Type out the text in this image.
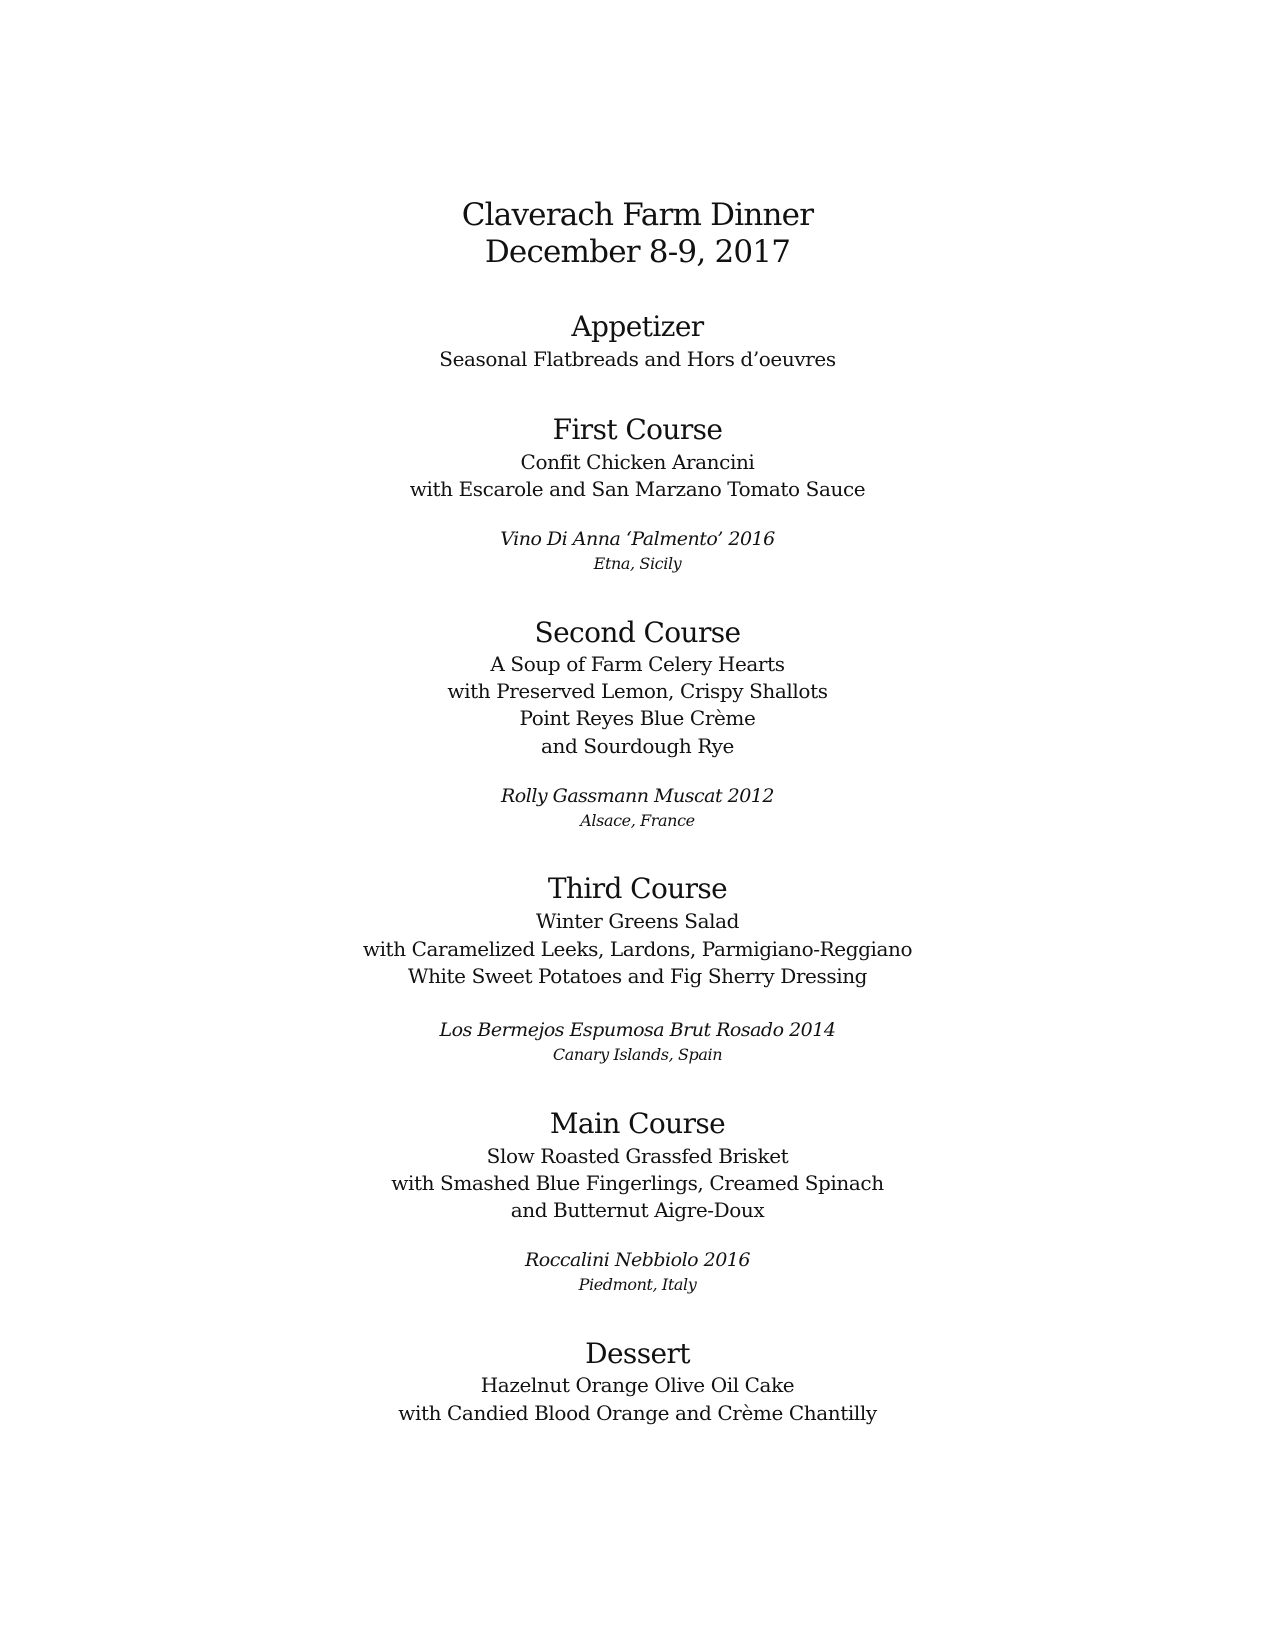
Claverach Farm Dinner
December 8-9, 2017
Appetizer
Seasonal Flatbreads and Hors d’oeuvres
First Course
Confit Chicken Arancini
with Escarole and San Marzano Tomato Sauce
Vino Di Anna ‘Palmento’ 2016
Etna, Sicily
Second Course
A Soup of Farm Celery Hearts
with Preserved Lemon, Crispy Shallots
Point Reyes Blue Crème
and Sourdough Rye
Rolly Gassmann Muscat 2012
Alsace, France
Third Course
Winter Greens Salad
with Caramelized Leeks, Lardons, Parmigiano-Reggiano
White Sweet Potatoes and Fig Sherry Dressing
Los Bermejos Espumosa Brut Rosado 2014
Canary Islands, Spain
Main Course
Slow Roasted Grassfed Brisket
with Smashed Blue Fingerlings, Creamed Spinach
and Butternut Aigre-Doux
Roccalini Nebbiolo 2016
Piedmont, Italy
Dessert
Hazelnut Orange Olive Oil Cake
with Candied Blood Orange and Crème Chantilly
